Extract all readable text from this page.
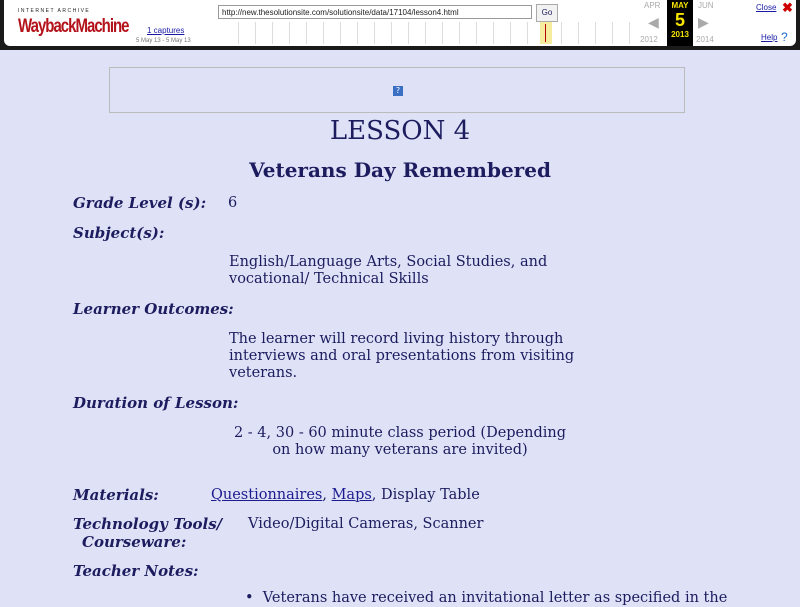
INTERNET ARCHIVE
WaybackMachine
http://new.thesolutionsite.com/solutionsite/data/17104/lesson4.html	Go
1 captures
5 May 13 - 5 May 13
APR
◀
2012
MAY
5
2013
JUN
▶
2014
Close ✖
Help ?
?
LESSON 4
Veterans Day Remembered
Grade Level (s): 6
Subject(s):
English/Language Arts, Social Studies, and
vocational/ Technical Skills
Learner Outcomes:
The learner will record living history through
interviews and oral presentations from visiting
veterans.
Duration of Lesson:
2 - 4, 30 - 60 minute class period (Depending
on how many veterans are invited)
Materials:	Questionnaires, Maps, Display Table
Technology Tools/
Courseware:
Video/Digital Cameras, Scanner
Teacher Notes:
•  Veterans have received an invitational letter as specified in the
